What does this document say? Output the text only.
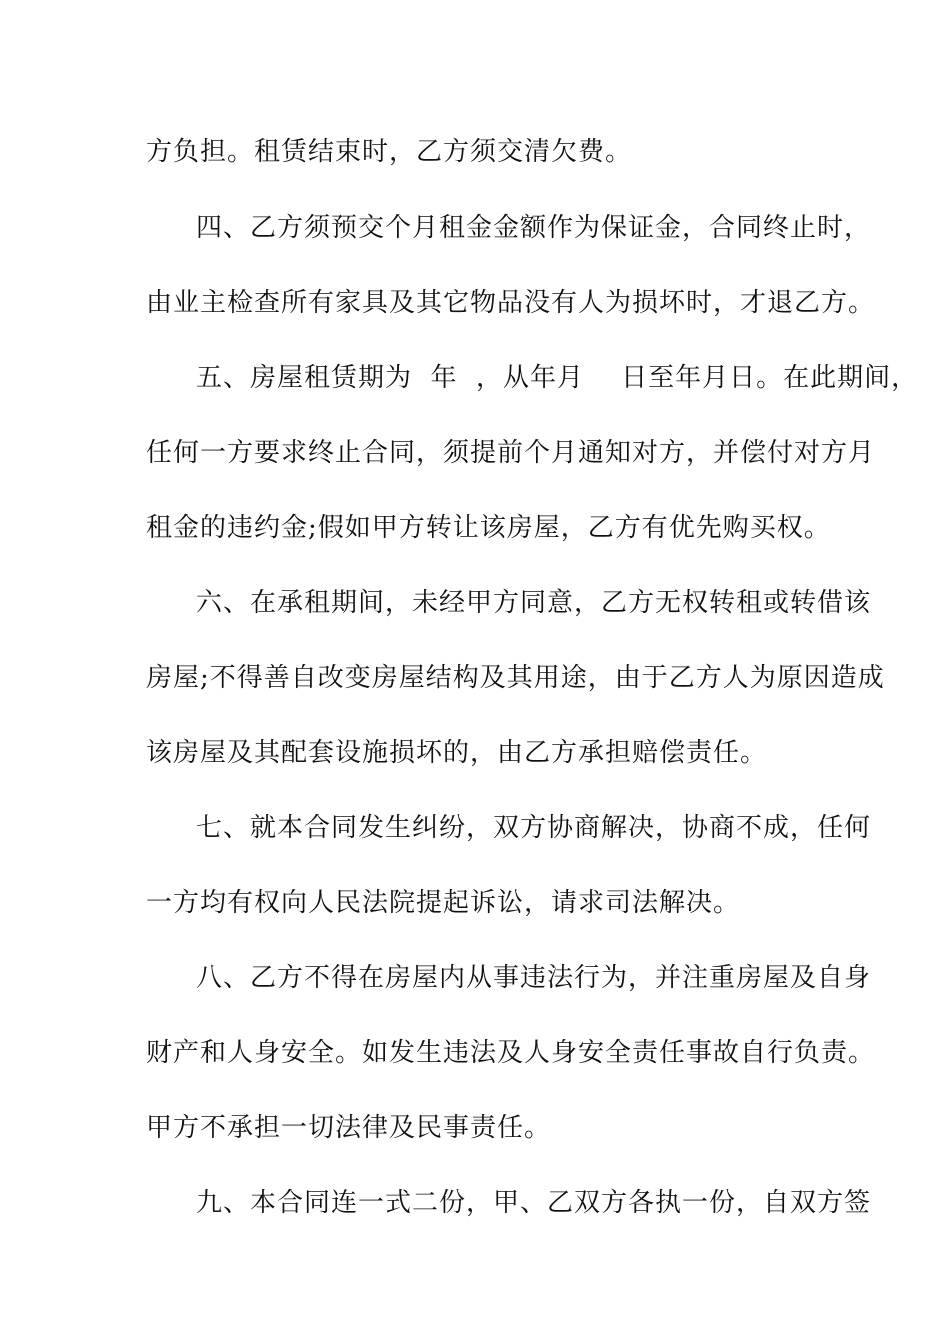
方负担。租赁结束时，乙方须交清欠费。
四、乙方须预交个月租金金额作为保证金，合同终止时，
由业主检查所有家具及其它物品没有人为损坏时，才退乙方。
五、房屋租赁期为  年  ，从年月    日至年月日。在此期间，
任何一方要求终止合同，须提前个月通知对方，并偿付对方月
租金的违约金;假如甲方转让该房屋，乙方有优先购买权。
六、在承租期间，未经甲方同意，乙方无权转租或转借该
房屋;不得善自改变房屋结构及其用途，由于乙方人为原因造成
该房屋及其配套设施损坏的，由乙方承担赔偿责任。
七、就本合同发生纠纷，双方协商解决，协商不成，任何
一方均有权向人民法院提起诉讼，请求司法解决。
八、乙方不得在房屋内从事违法行为，并注重房屋及自身
财产和人身安全。如发生违法及人身安全责任事故自行负责。
甲方不承担一切法律及民事责任。
九、本合同连一式二份，甲、乙双方各执一份，自双方签
